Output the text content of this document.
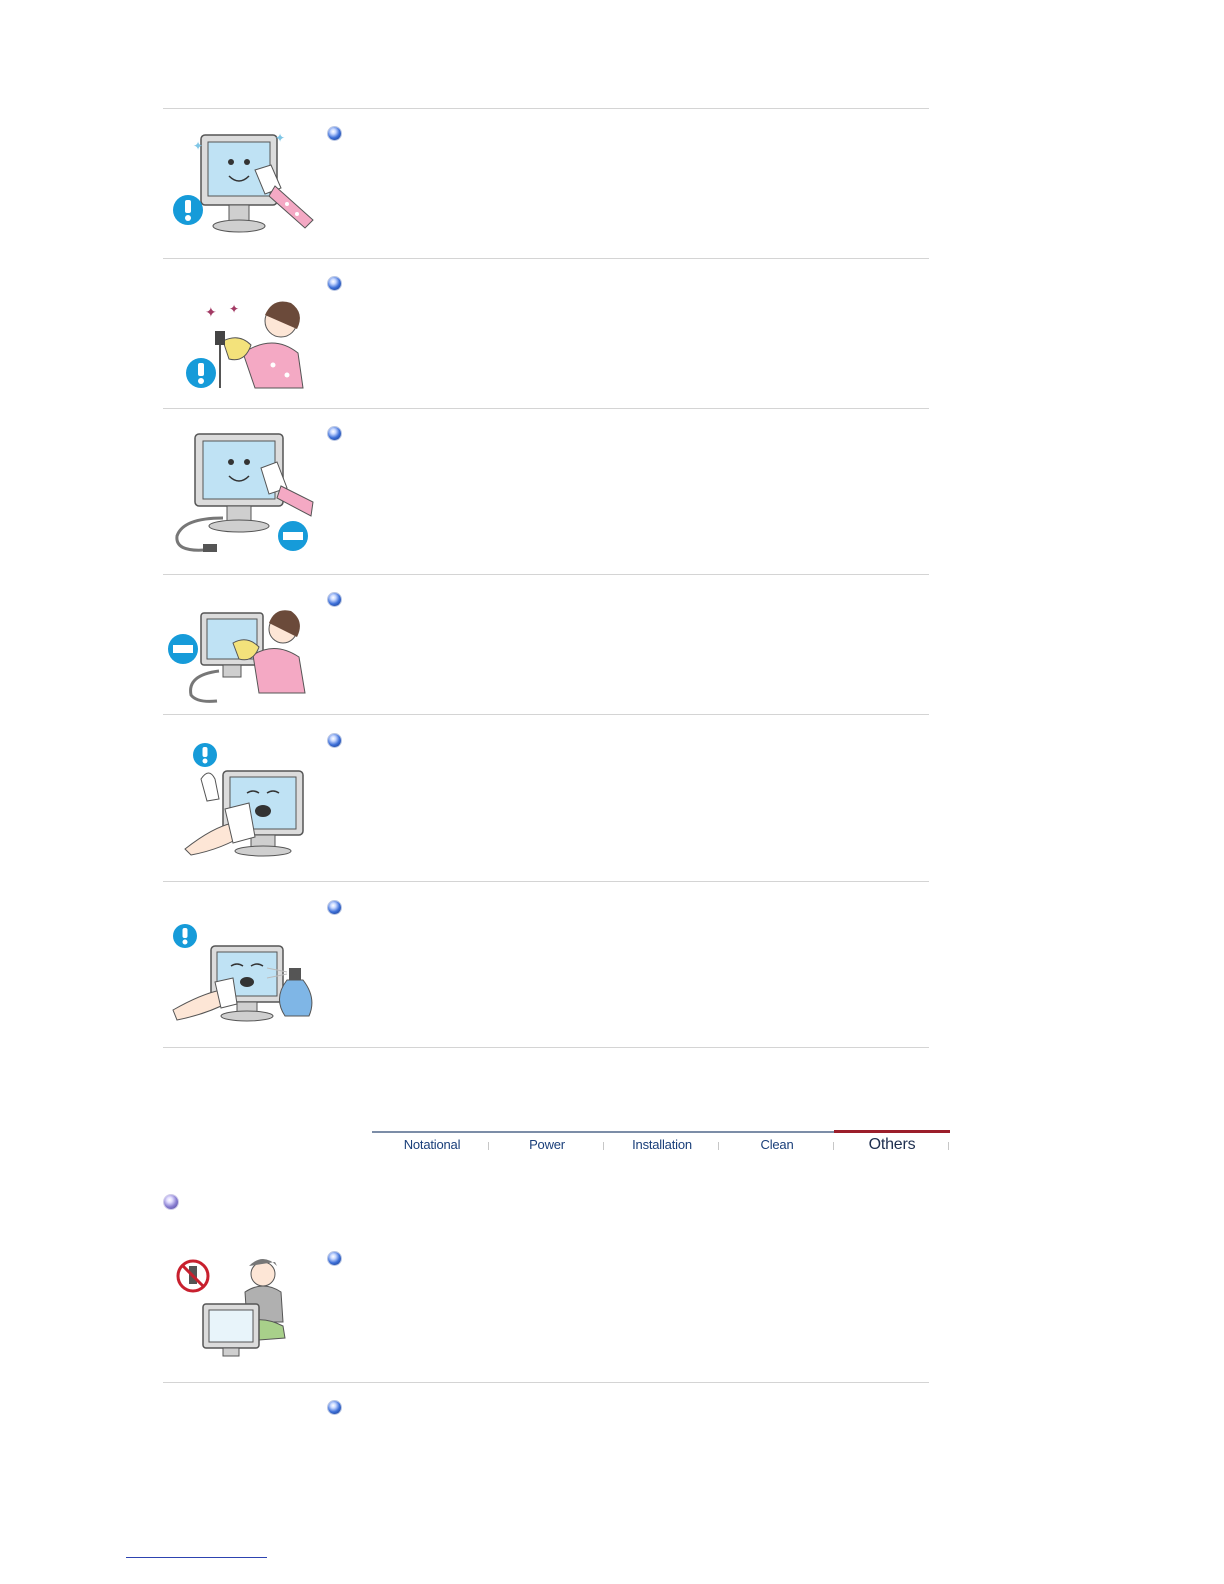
✦
✦
✦ ✦
Notational	Power	Installation	Clean	Others
